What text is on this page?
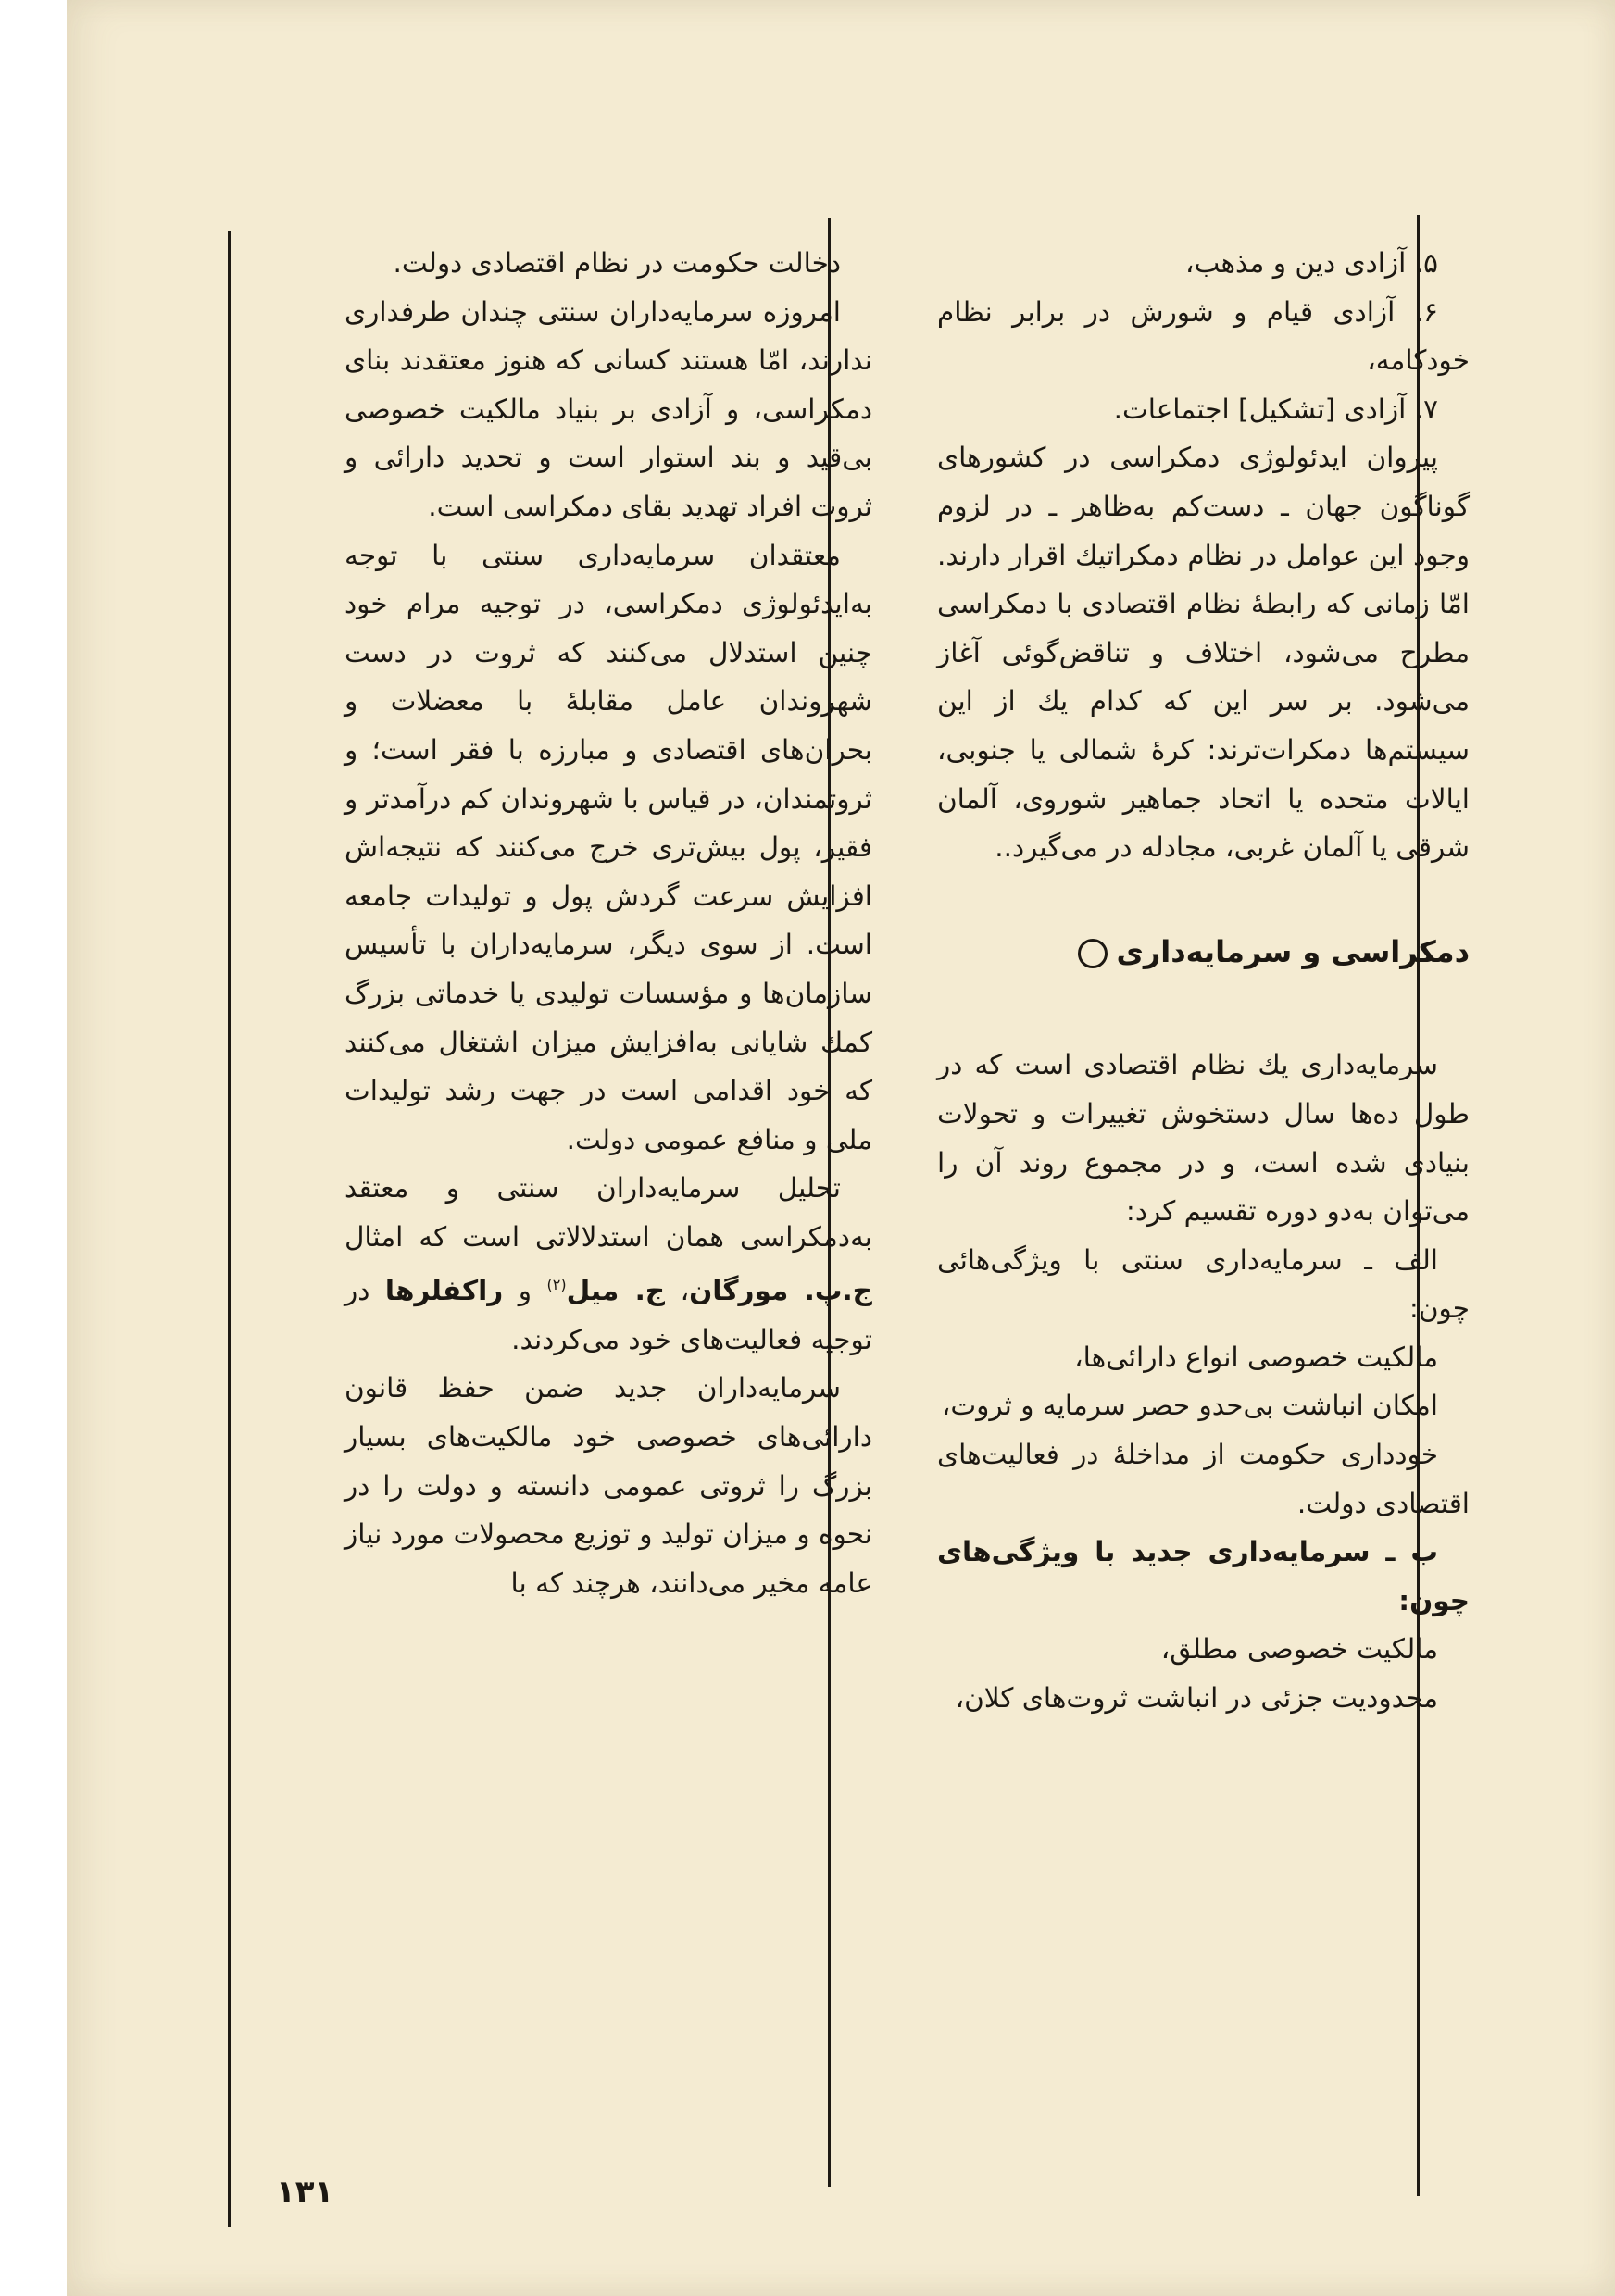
۵. آزادی دین و مذهب،

۶. آزادی قیام و شورش در برابر نظام خودکامه،

۷. آزادی [تشکیل] اجتماعات.

پیروان ایدئولوژی دمکراسی در کشورهای گوناگون جهان ـ دست‌کم به‌ظاهر ـ در لزوم وجود این عوامل در نظام دمکراتیك اقرار دارند. امّا زمانی که رابطهٔ نظام اقتصادی با دمکراسی مطرح می‌شود، اختلاف و تناقض‌گوئی آغاز می‌شود. بر سر این که کدام یك از این سیستم‌ها دمکرات‌ترند: کرهٔ شمالی یا جنوبی، ایالات متحده یا اتحاد جماهیر شوروی، آلمان شرقی یا آلمان غربی، مجادله در می‌گیرد..

دمکراسی و سرمایه‌داری

سرمایه‌داری یك نظام اقتصادی است که در طول ده‌ها سال دستخوش تغییرات و تحولات بنیادی شده است، و در مجموع روند آن را می‌توان به‌دو دوره تقسیم کرد:

الف ـ سرمایه‌داری سنتی با ویژگی‌هائی چون:

مالکیت خصوصی انواع دارائی‌ها،

امکان انباشت بی‌حدو حصر سرمایه و ثروت،

خودداری حکومت از مداخلهٔ در فعالیت‌های اقتصادی دولت.

ب ـ سرمایه‌داری جدید با ویژگی‌های چون:

مالکیت خصوصی مطلق،

محدودیت جزئی در انباشت ثروت‌های کلان،

دخالت حکومت در نظام اقتصادی دولت.

امروزه سرمایه‌داران سنتی چندان طرفداری ندارند، امّا هستند کسانی که هنوز معتقدند بنای دمکراسی، و آزادی بر بنیاد مالکیت خصوصی بی‌قید و بند استوار است و تحدید دارائی و ثروت افراد تهدید بقای دمکراسی است.

معتقدان سرمایه‌داری سنتی با توجه به‌ایدئولوژی دمکراسی، در توجیه مرام خود چنین استدلال می‌کنند که ثروت در دست شهروندان عامل مقابلهٔ با معضلات و بحران‌های اقتصادی و مبارزه با فقر است؛ و ثروتمندان، در قیاس با شهروندان کم درآمدتر و فقیر، پول بیش‌تری خرج می‌کنند که نتیجه‌اش افزایش سرعت گردش پول و تولیدات جامعه است. از سوی دیگر، سرمایه‌داران با تأسیس سازمان‌ها و مؤسسات تولیدی یا خدماتی بزرگ کمك شایانی به‌افزایش میزان اشتغال می‌کنند که خود اقدامی است در جهت رشد تولیدات ملی و منافع عمومی دولت.

تحلیل سرمایه‌داران سنتی و معتقد به‌دمکراسی همان استدلالاتی است که امثال ج.پ. مورگان، ج. میل$^{(۲)}$ و راکفلرها در توجیه فعالیت‌های خود می‌کردند.

سرمایه‌داران جدید ضمن حفظ قانون دارائی‌های خصوصی خود مالکیت‌های بسیار بزرگ را ثروتی عمومی دانسته و دولت را در نحوه و میزان تولید و توزیع محصولات مورد نیاز عامه مخیر می‌دانند، هرچند که با

۱۳۱
